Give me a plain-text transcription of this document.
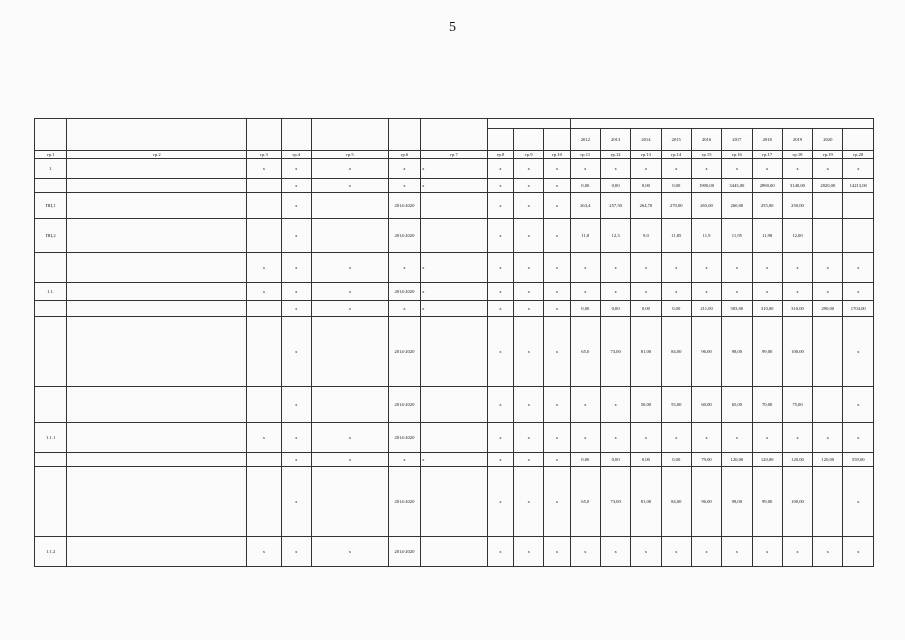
5

										2012	2013	2014	2015	2016	2017	2018	2019	2020	
гр.1	гр.2	гр.3	гр.4	гр.5	гр.6	гр.7	гр.8	гр.9	гр.10	гр.11	гр.12	гр.13	гр.14	гр.15	гр.16	гр.17	гр.18	гр.19	гр.20
1.		х	х	х	х	х	х	х	х	х	х	х	х	х	х	х	х	х	х
			х	х	х	х	х	х	х	0,00	0,00	0,00	0,00	1900,00	3443,00	2890,00	3140,00	2820,00	14213,00
ПЦ.1			х		2014-2020		х	х	х	263,4	257,50	264,70	270,00	265,00	260,00	255,00	250,00		
ПЦ.2			х		2014-2020		х	х	х	11,8	12,3	9,0	11,85	11,9	11,95	11,98	12,00		
		х	х	х	х	х	х	х	х	х	х	х	х	х	х	х	х	х	х
1.1.		х	х	х	2014-2020	х	х	х	х	х	х	х	х	х	х	х	х	х	х
			х	х	х	х	х	х	х	0,00	0,00	0,00	0,00	211,00	583,00	310,00	310,00	290,00	1704,00
			х		2014-2020		х	х	х	65,0	73,00	81,00	84,00	96,00	98,00	99,00	100,00		х
			х		2014-2020		х	х	х	х	х	50,00	55,00	60,00	65,00	70,00	75,00		х
1.1.1		х	х	х	2014-2020		х	х	х	х	х	х	х	х	х	х	х	х	х
			х	х	х	х	х	х	х	0,00	0,00	0,00	0,00	79,00	120,00	120,00	120,00	120,00	559,00
			х		2014-2020		х	х	х	65,0	73,00	81,00	84,00	96,00	98,00	99,00	100,00		х
1.1.2		х	х	х	2014-2020		х	х	х	х	х	х	х	х	х	х	х	х	х
